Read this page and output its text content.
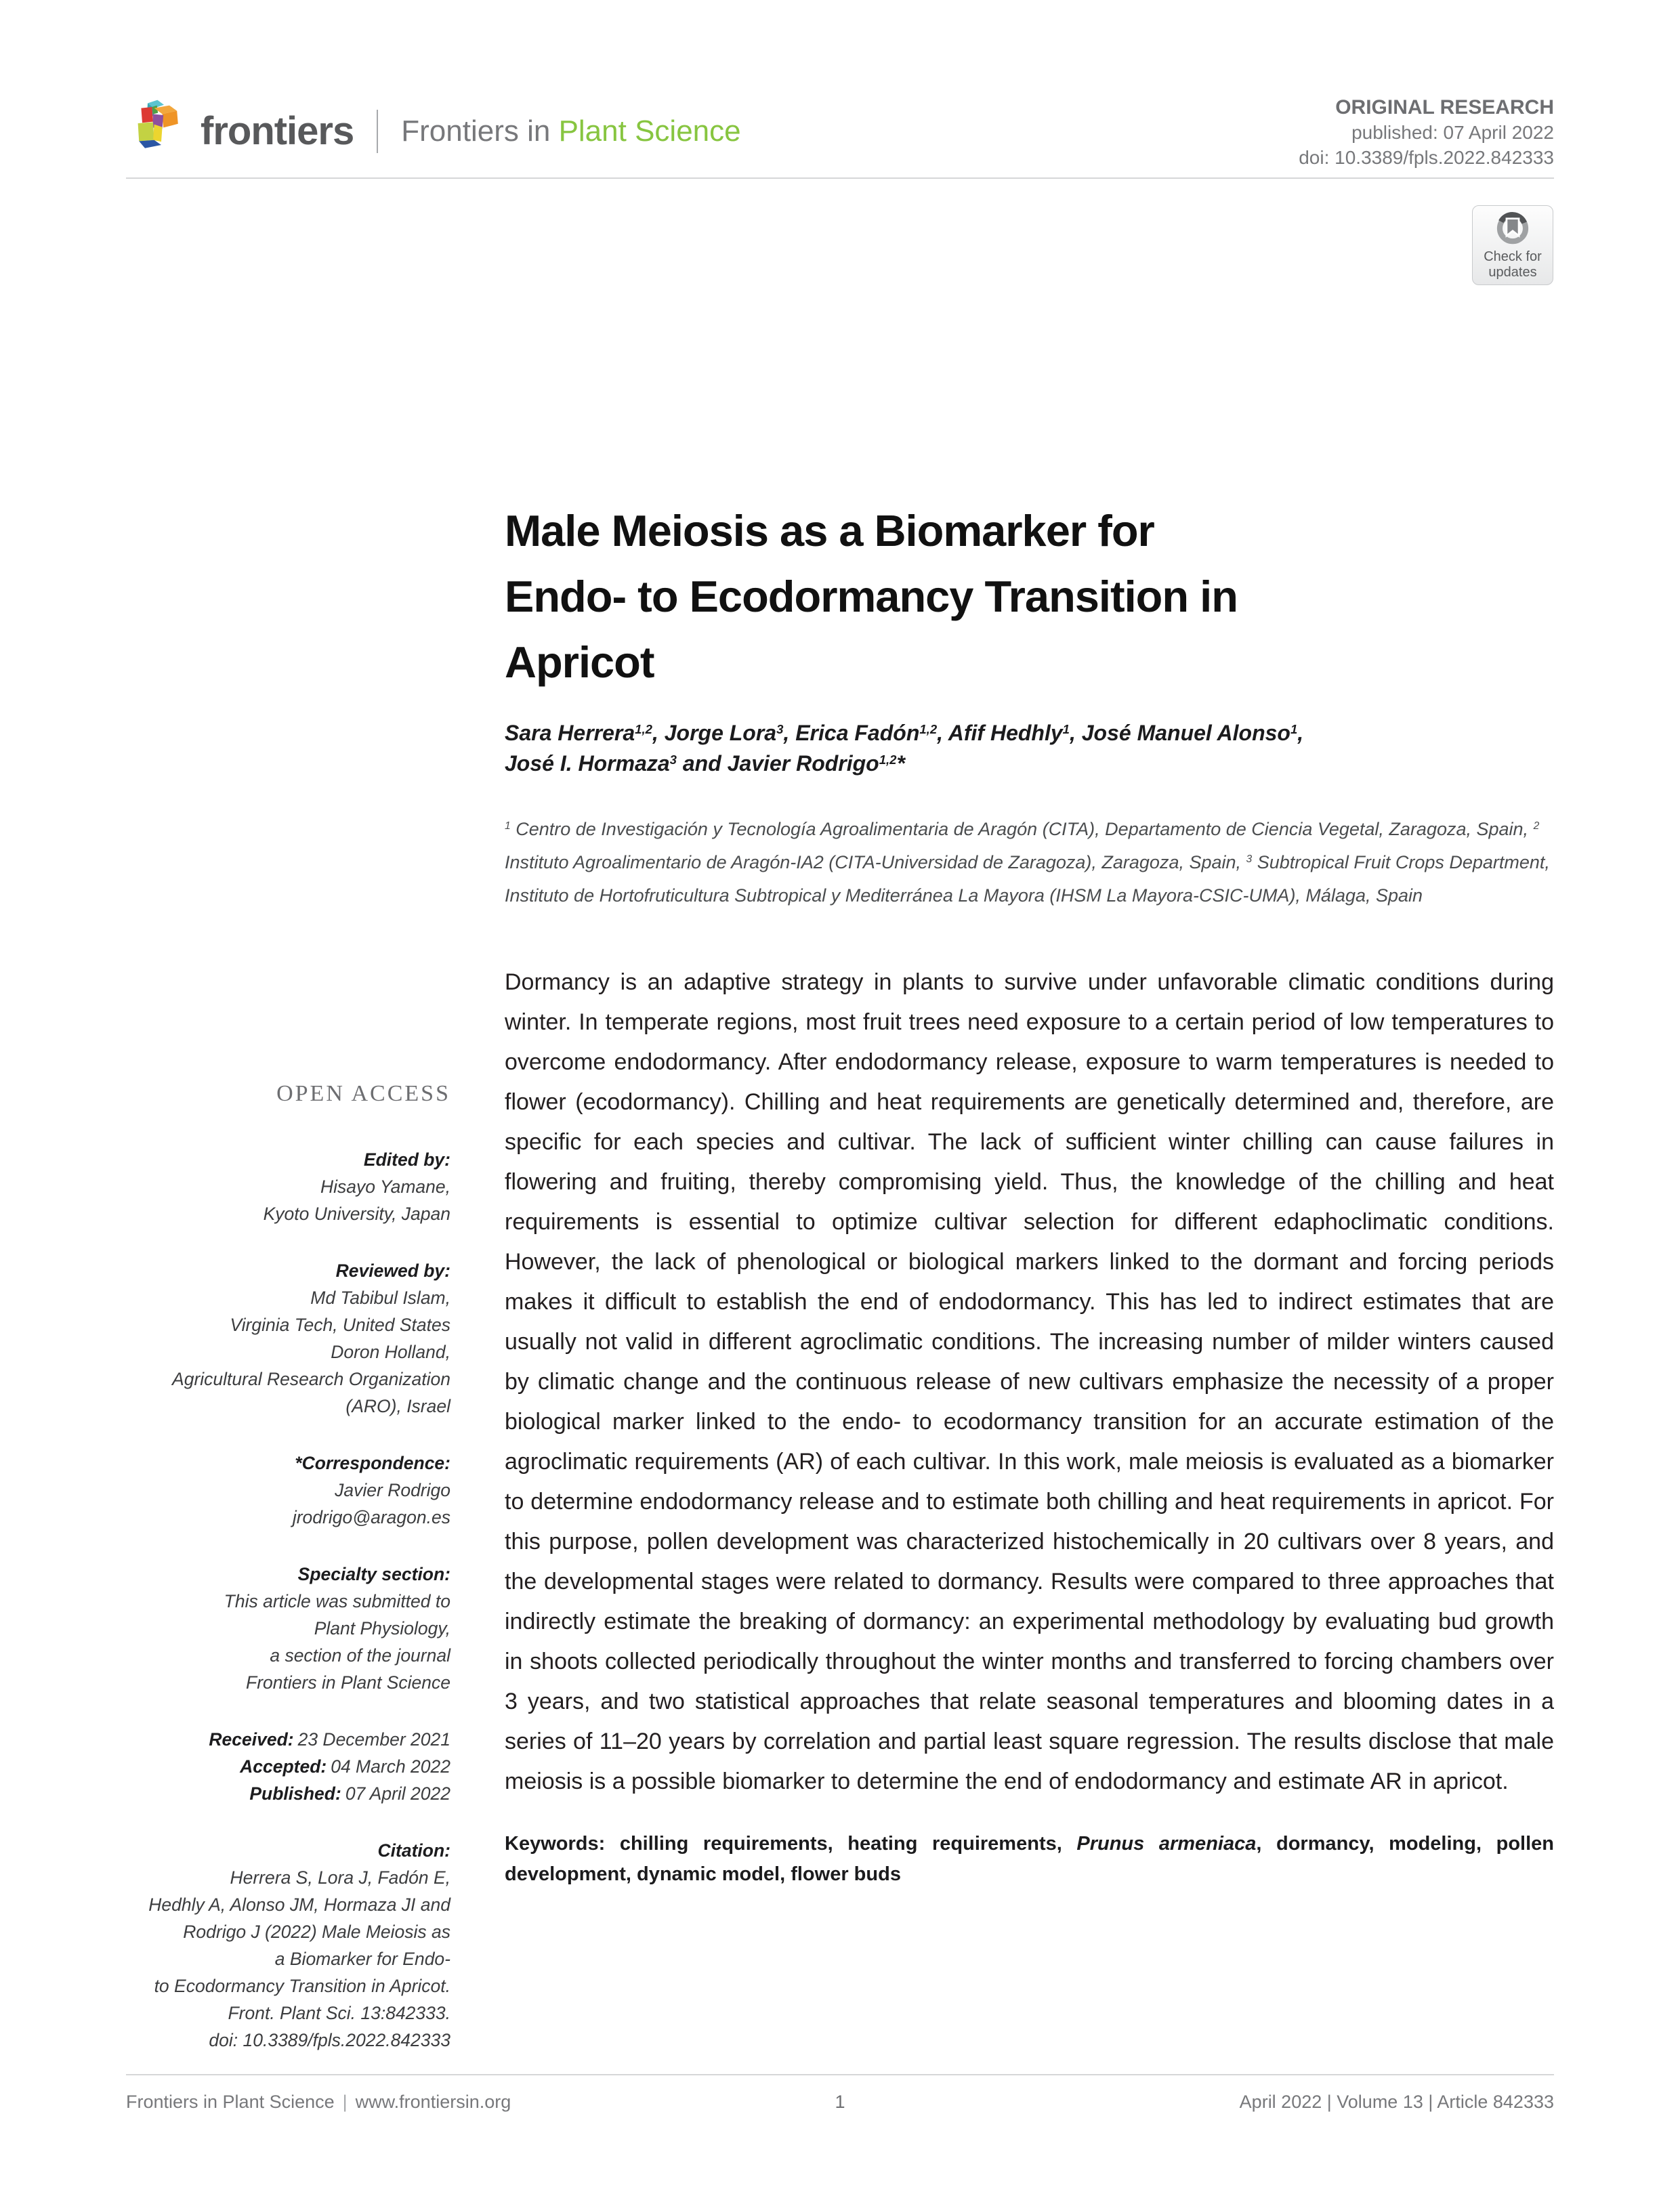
frontiers Frontiers in Plant Science
ORIGINAL RESEARCH
published: 07 April 2022
doi: 10.3389/fpls.2022.842333
Check for
updates
OPEN ACCESS
Edited by:
Hisayo Yamane,
Kyoto University, Japan
Reviewed by:
Md Tabibul Islam,
Virginia Tech, United States
Doron Holland,
Agricultural Research Organization
(ARO), Israel
*Correspondence:
Javier Rodrigo
jrodrigo@aragon.es
Specialty section:
This article was submitted to
Plant Physiology,
a section of the journal
Frontiers in Plant Science
Received: 23 December 2021
Accepted: 04 March 2022
Published: 07 April 2022
Citation:
Herrera S, Lora J, Fadón E,
Hedhly A, Alonso JM, Hormaza JI and
Rodrigo J (2022) Male Meiosis as
a Biomarker for Endo-
to Ecodormancy Transition in Apricot.
Front. Plant Sci. 13:842333.
doi: 10.3389/fpls.2022.842333
Male Meiosis as a Biomarker for
Endo- to Ecodormancy Transition in
Apricot
Sara Herrera$^{1,2}$, Jorge Lora$^3$, Erica Fadón$^{1,2}$, Afif Hedhly$^1$, José Manuel Alonso$^1$,
José I. Hormaza$^3$ and Javier Rodrigo$^{1,2}$*
$^1$ Centro de Investigación y Tecnología Agroalimentaria de Aragón (CITA), Departamento de Ciencia Vegetal, Zaragoza, Spain, $^2$ Instituto Agroalimentario de Aragón-IA2 (CITA-Universidad de Zaragoza), Zaragoza, Spain, $^3$ Subtropical Fruit Crops Department, Instituto de Hortofruticultura Subtropical y Mediterránea La Mayora (IHSM La Mayora-CSIC-UMA), Málaga, Spain
Dormancy is an adaptive strategy in plants to survive under unfavorable climatic conditions during winter. In temperate regions, most fruit trees need exposure to a certain period of low temperatures to overcome endodormancy. After endodormancy release, exposure to warm temperatures is needed to flower (ecodormancy). Chilling and heat requirements are genetically determined and, therefore, are specific for each species and cultivar. The lack of sufficient winter chilling can cause failures in flowering and fruiting, thereby compromising yield. Thus, the knowledge of the chilling and heat requirements is essential to optimize cultivar selection for different edaphoclimatic conditions. However, the lack of phenological or biological markers linked to the dormant and forcing periods makes it difficult to establish the end of endodormancy. This has led to indirect estimates that are usually not valid in different agroclimatic conditions. The increasing number of milder winters caused by climatic change and the continuous release of new cultivars emphasize the necessity of a proper biological marker linked to the endo- to ecodormancy transition for an accurate estimation of the agroclimatic requirements (AR) of each cultivar. In this work, male meiosis is evaluated as a biomarker to determine endodormancy release and to estimate both chilling and heat requirements in apricot. For this purpose, pollen development was characterized histochemically in 20 cultivars over 8 years, and the developmental stages were related to dormancy. Results were compared to three approaches that indirectly estimate the breaking of dormancy: an experimental methodology by evaluating bud growth in shoots collected periodically throughout the winter months and transferred to forcing chambers over 3 years, and two statistical approaches that relate seasonal temperatures and blooming dates in a series of 11–20 years by correlation and partial least square regression. The results disclose that male meiosis is a possible biomarker to determine the end of endodormancy and estimate AR in apricot.
Keywords: chilling requirements, heating requirements, Prunus armeniaca, dormancy, modeling, pollen development, dynamic model, flower buds
Frontiers in Plant Science | www.frontiersin.org	1	April 2022 | Volume 13 | Article 842333
